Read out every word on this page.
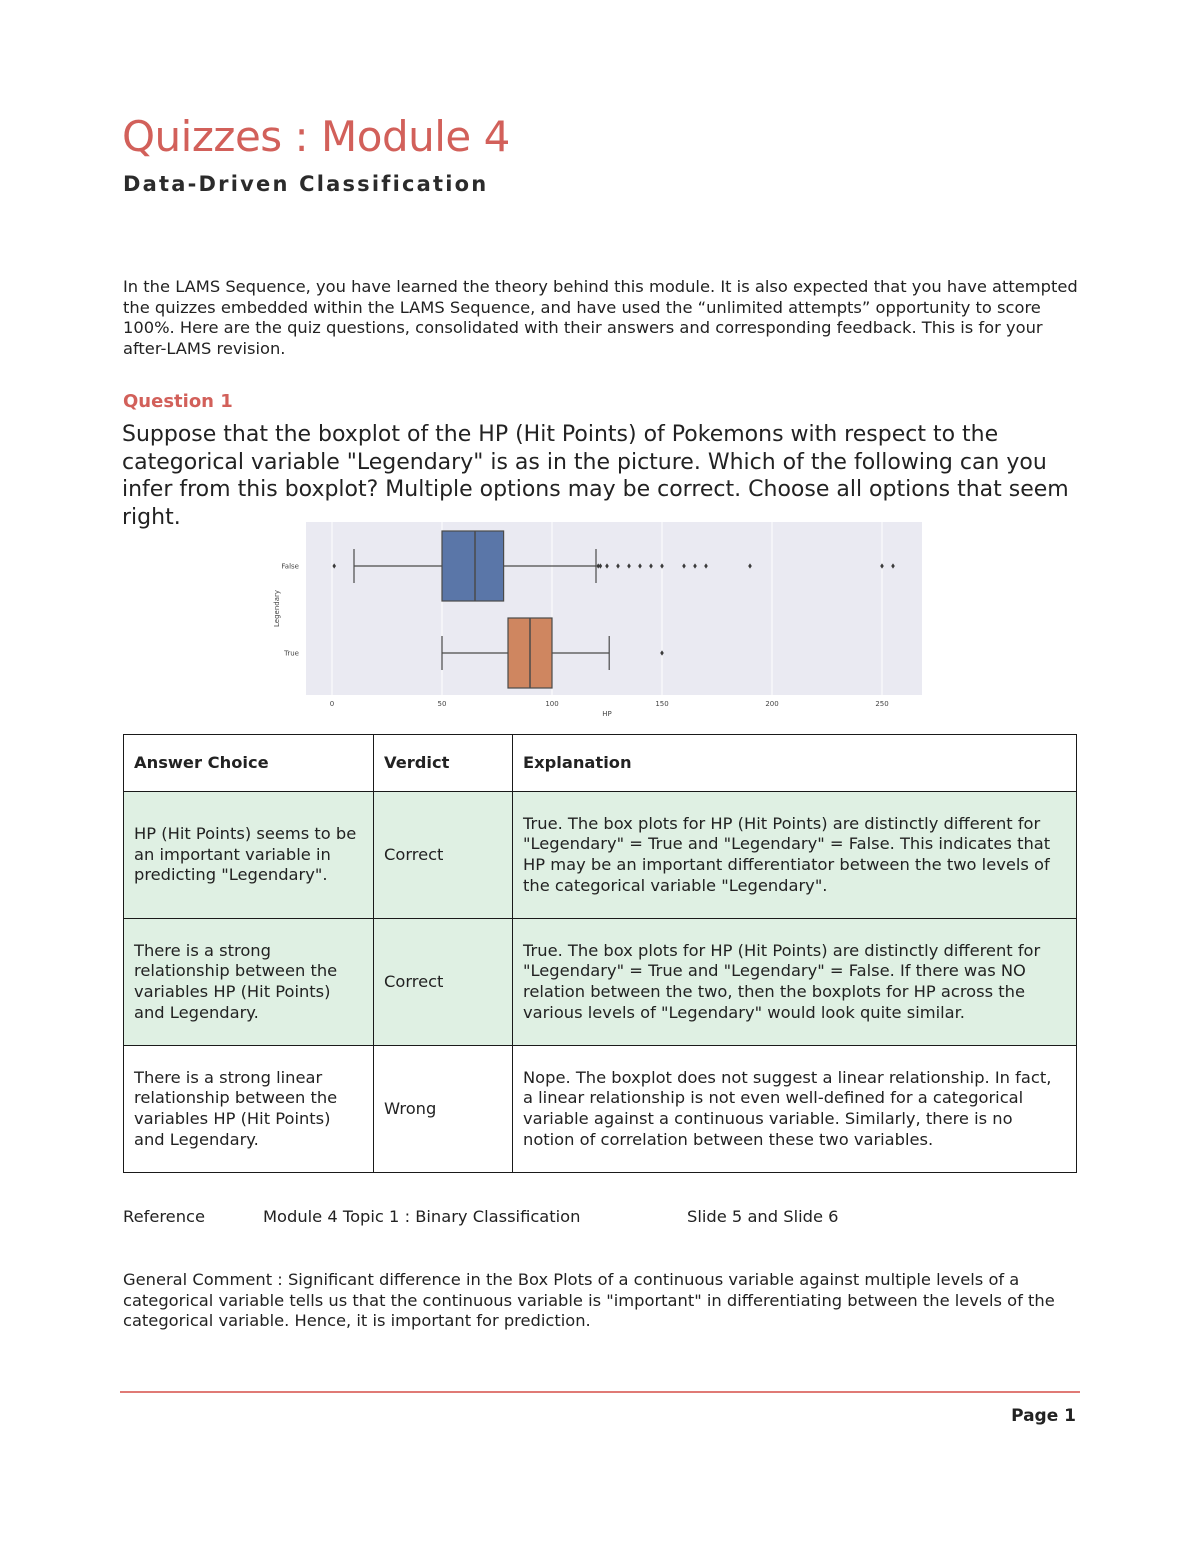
Quizzes : Module 4
Data-Driven Classification

In the LAMS Sequence, you have learned the theory behind this module. It is also expected that you have attempted the quizzes embedded within the LAMS Sequence, and have used the “unlimited attempts” opportunity to score 100%. Here are the quiz questions, consolidated with their answers and corresponding feedback. This is for your after-LAMS revision.

Question 1

Suppose that the boxplot of the HP (Hit Points) of Pokemons with respect to the categorical variable "Legendary" is as in the picture. Which of the following can you infer from this boxplot? Multiple options may be correct. Choose all options that seem right.

0	50	100	150	200	250
HP
Legendary
False
True
Answer Choice	Verdict	Explanation
HP (Hit Points) seems to be an important variable in predicting "Legendary".	Correct	True. The box plots for HP (Hit Points) are distinctly different for "Legendary" = True and "Legendary" = False. This indicates that HP may be an important differentiator between the two levels of the categorical variable "Legendary".
There is a strong relationship between the variables HP (Hit Points) and Legendary.	Correct	True. The box plots for HP (Hit Points) are distinctly different for "Legendary" = True and "Legendary" = False. If there was NO relation between the two, then the boxplots for HP across the various levels of "Legendary" would look quite similar.
There is a strong linear relationship between the variables HP (Hit Points) and Legendary.	Wrong	Nope. The boxplot does not suggest a linear relationship. In fact, a linear relationship is not even well-defined for a categorical variable against a continuous variable. Similarly, there is no notion of correlation between these two variables.
Reference	Module 4 Topic 1 : Binary Classification	Slide 5 and Slide 6

General Comment : Significant difference in the Box Plots of a continuous variable against multiple levels of a categorical variable tells us that the continuous variable is "important" in differentiating between the levels of the categorical variable. Hence, it is important for prediction.

Page 1
